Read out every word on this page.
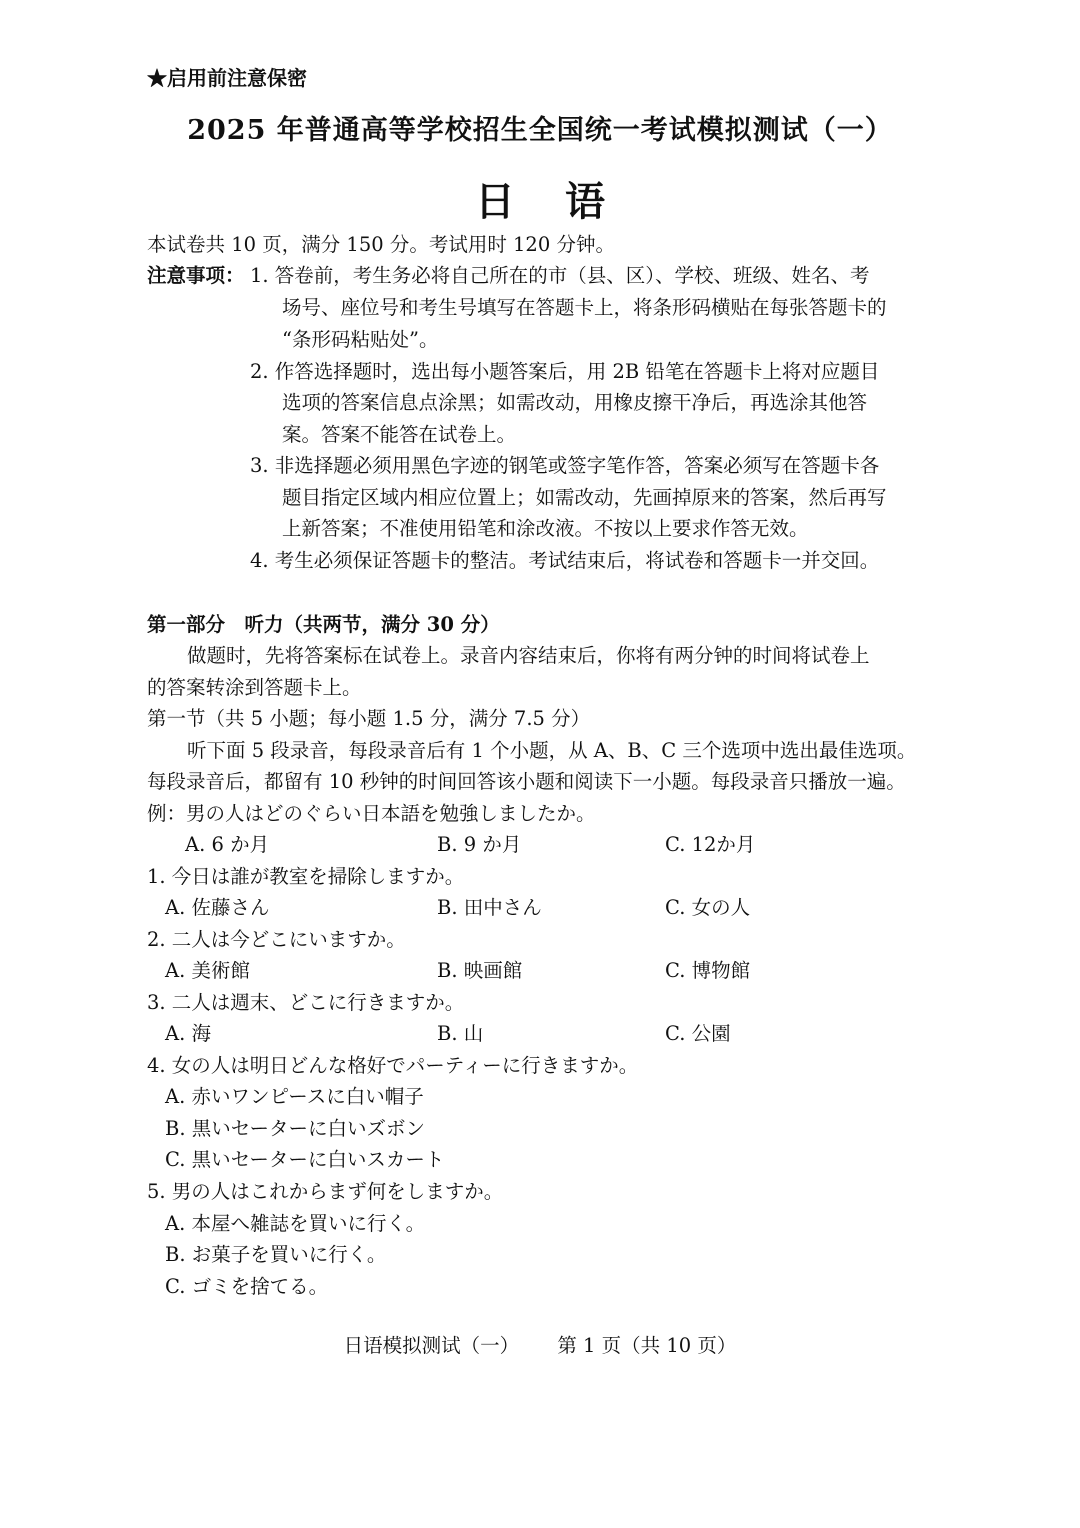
★启用前注意保密
2025 年普通高等学校招生全国统一考试模拟测试（一）
日语
本试卷共 10 页，满分 150 分。考试用时 120 分钟。
注意事项： 1. 答卷前，考生务必将自己所在的市（县、区）、学校、班级、姓名、考
场号、座位号和考生号填写在答题卡上，将条形码横贴在每张答题卡的
“条形码粘贴处”。
2. 作答选择题时，选出每小题答案后，用 2B 铅笔在答题卡上将对应题目
选项的答案信息点涂黑；如需改动，用橡皮擦干净后，再选涂其他答
案。答案不能答在试卷上。
3. 非选择题必须用黑色字迹的钢笔或签字笔作答，答案必须写在答题卡各
题目指定区域内相应位置上；如需改动，先画掉原来的答案，然后再写
上新答案；不准使用铅笔和涂改液。不按以上要求作答无效。
4. 考生必须保证答题卡的整洁。考试结束后，将试卷和答题卡一并交回。
第一部分　听力（共两节，满分 30 分）
做题时，先将答案标在试卷上。录音内容结束后，你将有两分钟的时间将试卷上
的答案转涂到答题卡上。
第一节（共 5 小题；每小题 1.5 分，满分 7.5 分）
听下面 5 段录音，每段录音后有 1 个小题，从 A、B、C 三个选项中选出最佳选项。
每段录音后，都留有 10 秒钟的时间回答该小题和阅读下一小题。每段录音只播放一遍。
例：男の人はどのぐらい日本語を勉強しましたか。
A. 6 か月	B. 9 か月	C. 12か月
1. 今日は誰が教室を掃除しますか。
A. 佐藤さん	B. 田中さん	C. 女の人
2. 二人は今どこにいますか。
A. 美術館	B. 映画館	C. 博物館
3. 二人は週末、どこに行きますか。
A. 海	B. 山	C. 公園
4. 女の人は明日どんな格好でパーティーに行きますか。
A. 赤いワンピースに白い帽子
B. 黒いセーターに白いズボン
C. 黒いセーターに白いスカート
5. 男の人はこれからまず何をしますか。
A. 本屋へ雑誌を買いに行く。
B. お菓子を買いに行く。
C. ゴミを捨てる。
日语模拟测试（一） 第 1 页（共 10 页）
